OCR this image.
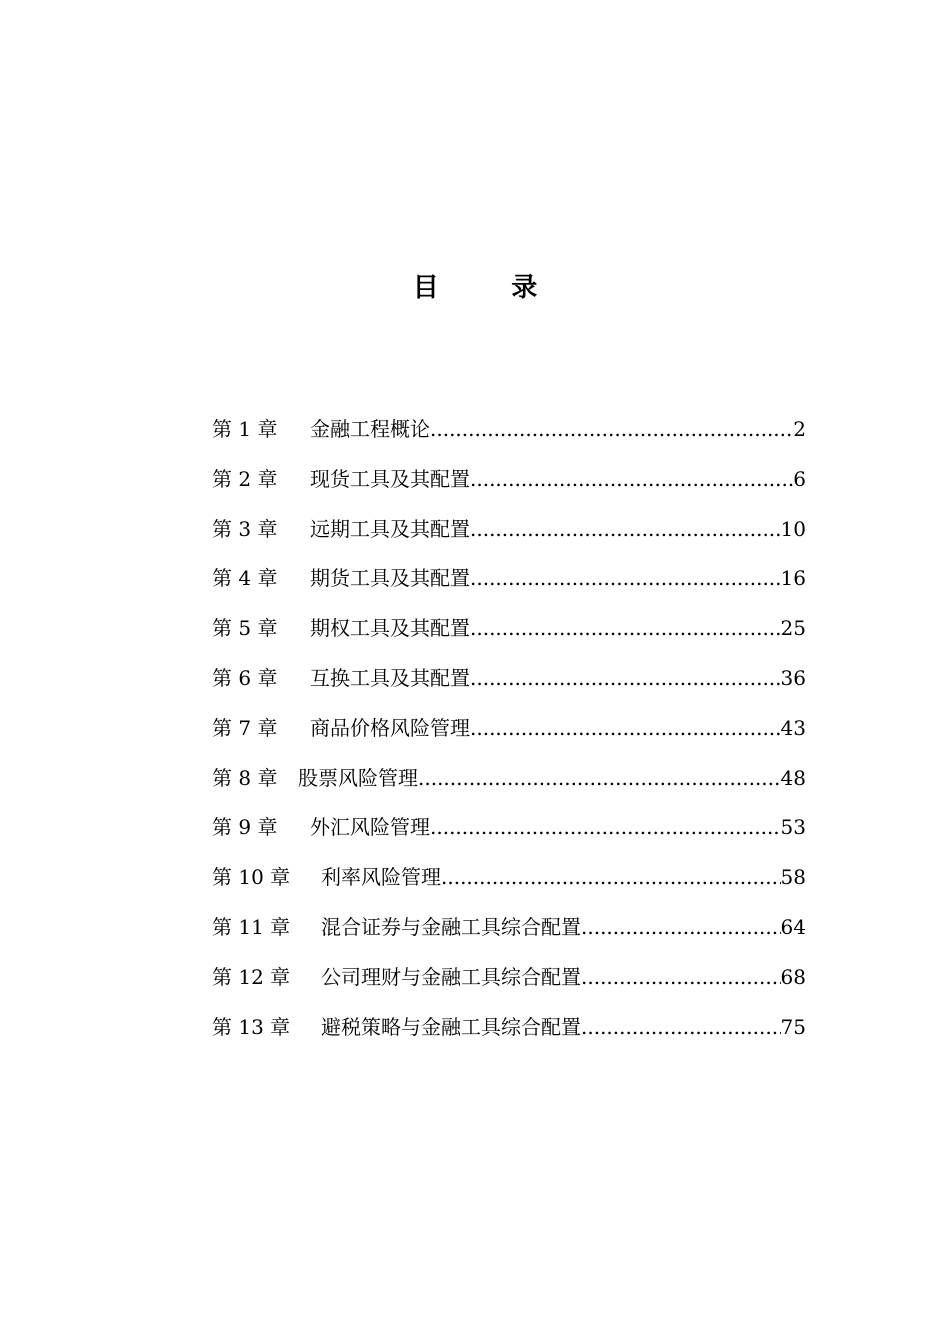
目        录
第 1 章	金融工程概论 .....	2
第 2 章	现货工具及其配置 .....	6
第 3 章	远期工具及其配置 .....	10
第 4 章	期货工具及其配置 .....	16
第 5 章	期权工具及其配置 .....	25
第 6 章	互换工具及其配置 .....	36
第 7 章	商品价格风险管理 .....	43
第 8 章	股票风险管理 .....	48
第 9 章	外汇风险管理 .....	53
第 10 章	利率风险管理 .....	58
第 11 章	混合证券与金融工具综合配置 .....	64
第 12 章	公司理财与金融工具综合配置 .....	68
第 13 章	避税策略与金融工具综合配置 .....	75
